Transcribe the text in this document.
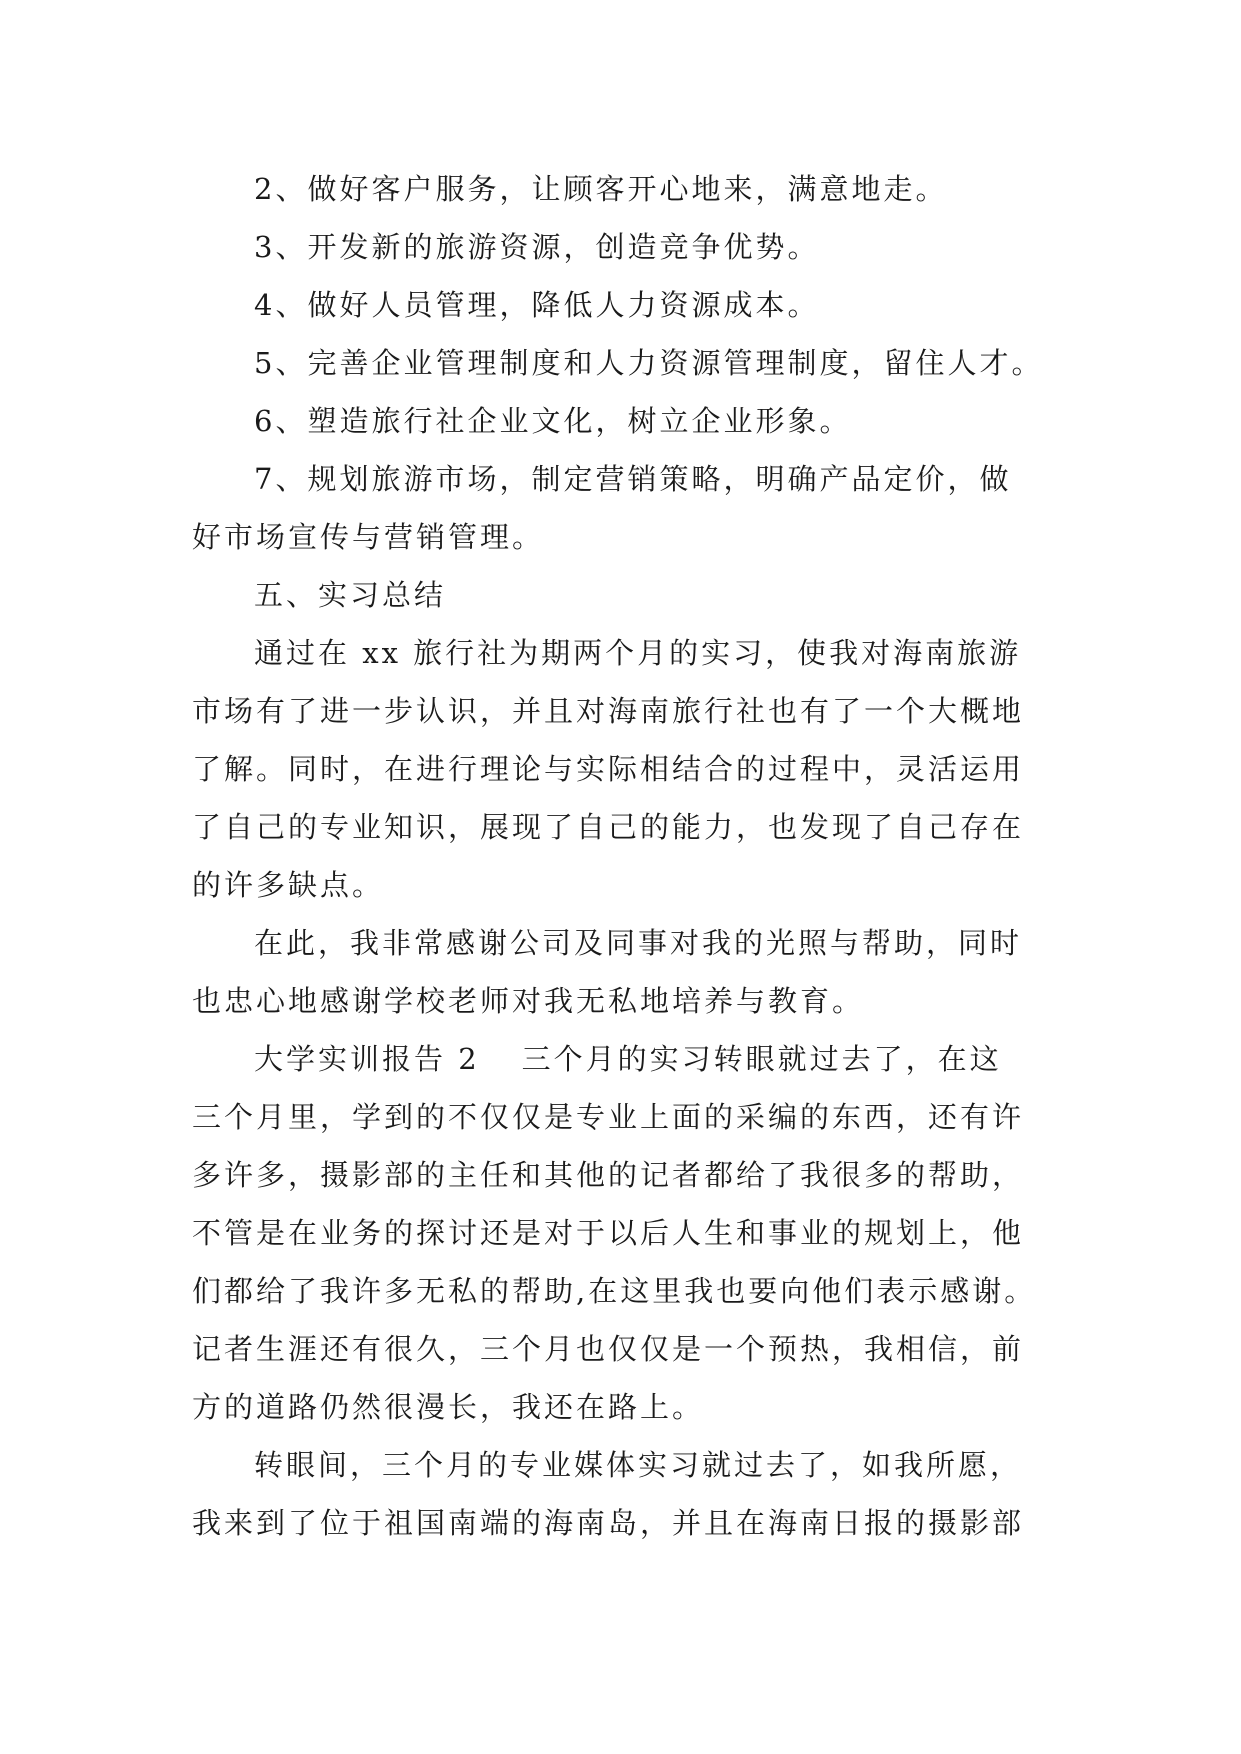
2、做好客户服务，让顾客开心地来，满意地走。

3、开发新的旅游资源，创造竞争优势。

4、做好人员管理，降低人力资源成本。

5、完善企业管理制度和人力资源管理制度，留住人才。

6、塑造旅行社企业文化，树立企业形象。

7、规划旅游市场，制定营销策略，明确产品定价，做
好市场宣传与营销管理。

五、实习总结

通过在 xx 旅行社为期两个月的实习，使我对海南旅游
市场有了进一步认识，并且对海南旅行社也有了一个大概地
了解。同时，在进行理论与实际相结合的过程中，灵活运用
了自己的专业知识，展现了自己的能力，也发现了自己存在
的许多缺点。

在此，我非常感谢公司及同事对我的光照与帮助，同时
也忠心地感谢学校老师对我无私地培养与教育。

大学实训报告 2 三个月的实习转眼就过去了，在这
三个月里，学到的不仅仅是专业上面的采编的东西，还有许
多许多，摄影部的主任和其他的记者都给了我很多的帮助，
不管是在业务的探讨还是对于以后人生和事业的规划上，他
们都给了我许多无私的帮助,在这里我也要向他们表示感谢。
记者生涯还有很久，三个月也仅仅是一个预热，我相信，前
方的道路仍然很漫长，我还在路上。

转眼间，三个月的专业媒体实习就过去了，如我所愿，
我来到了位于祖国南端的海南岛，并且在海南日报的摄影部
